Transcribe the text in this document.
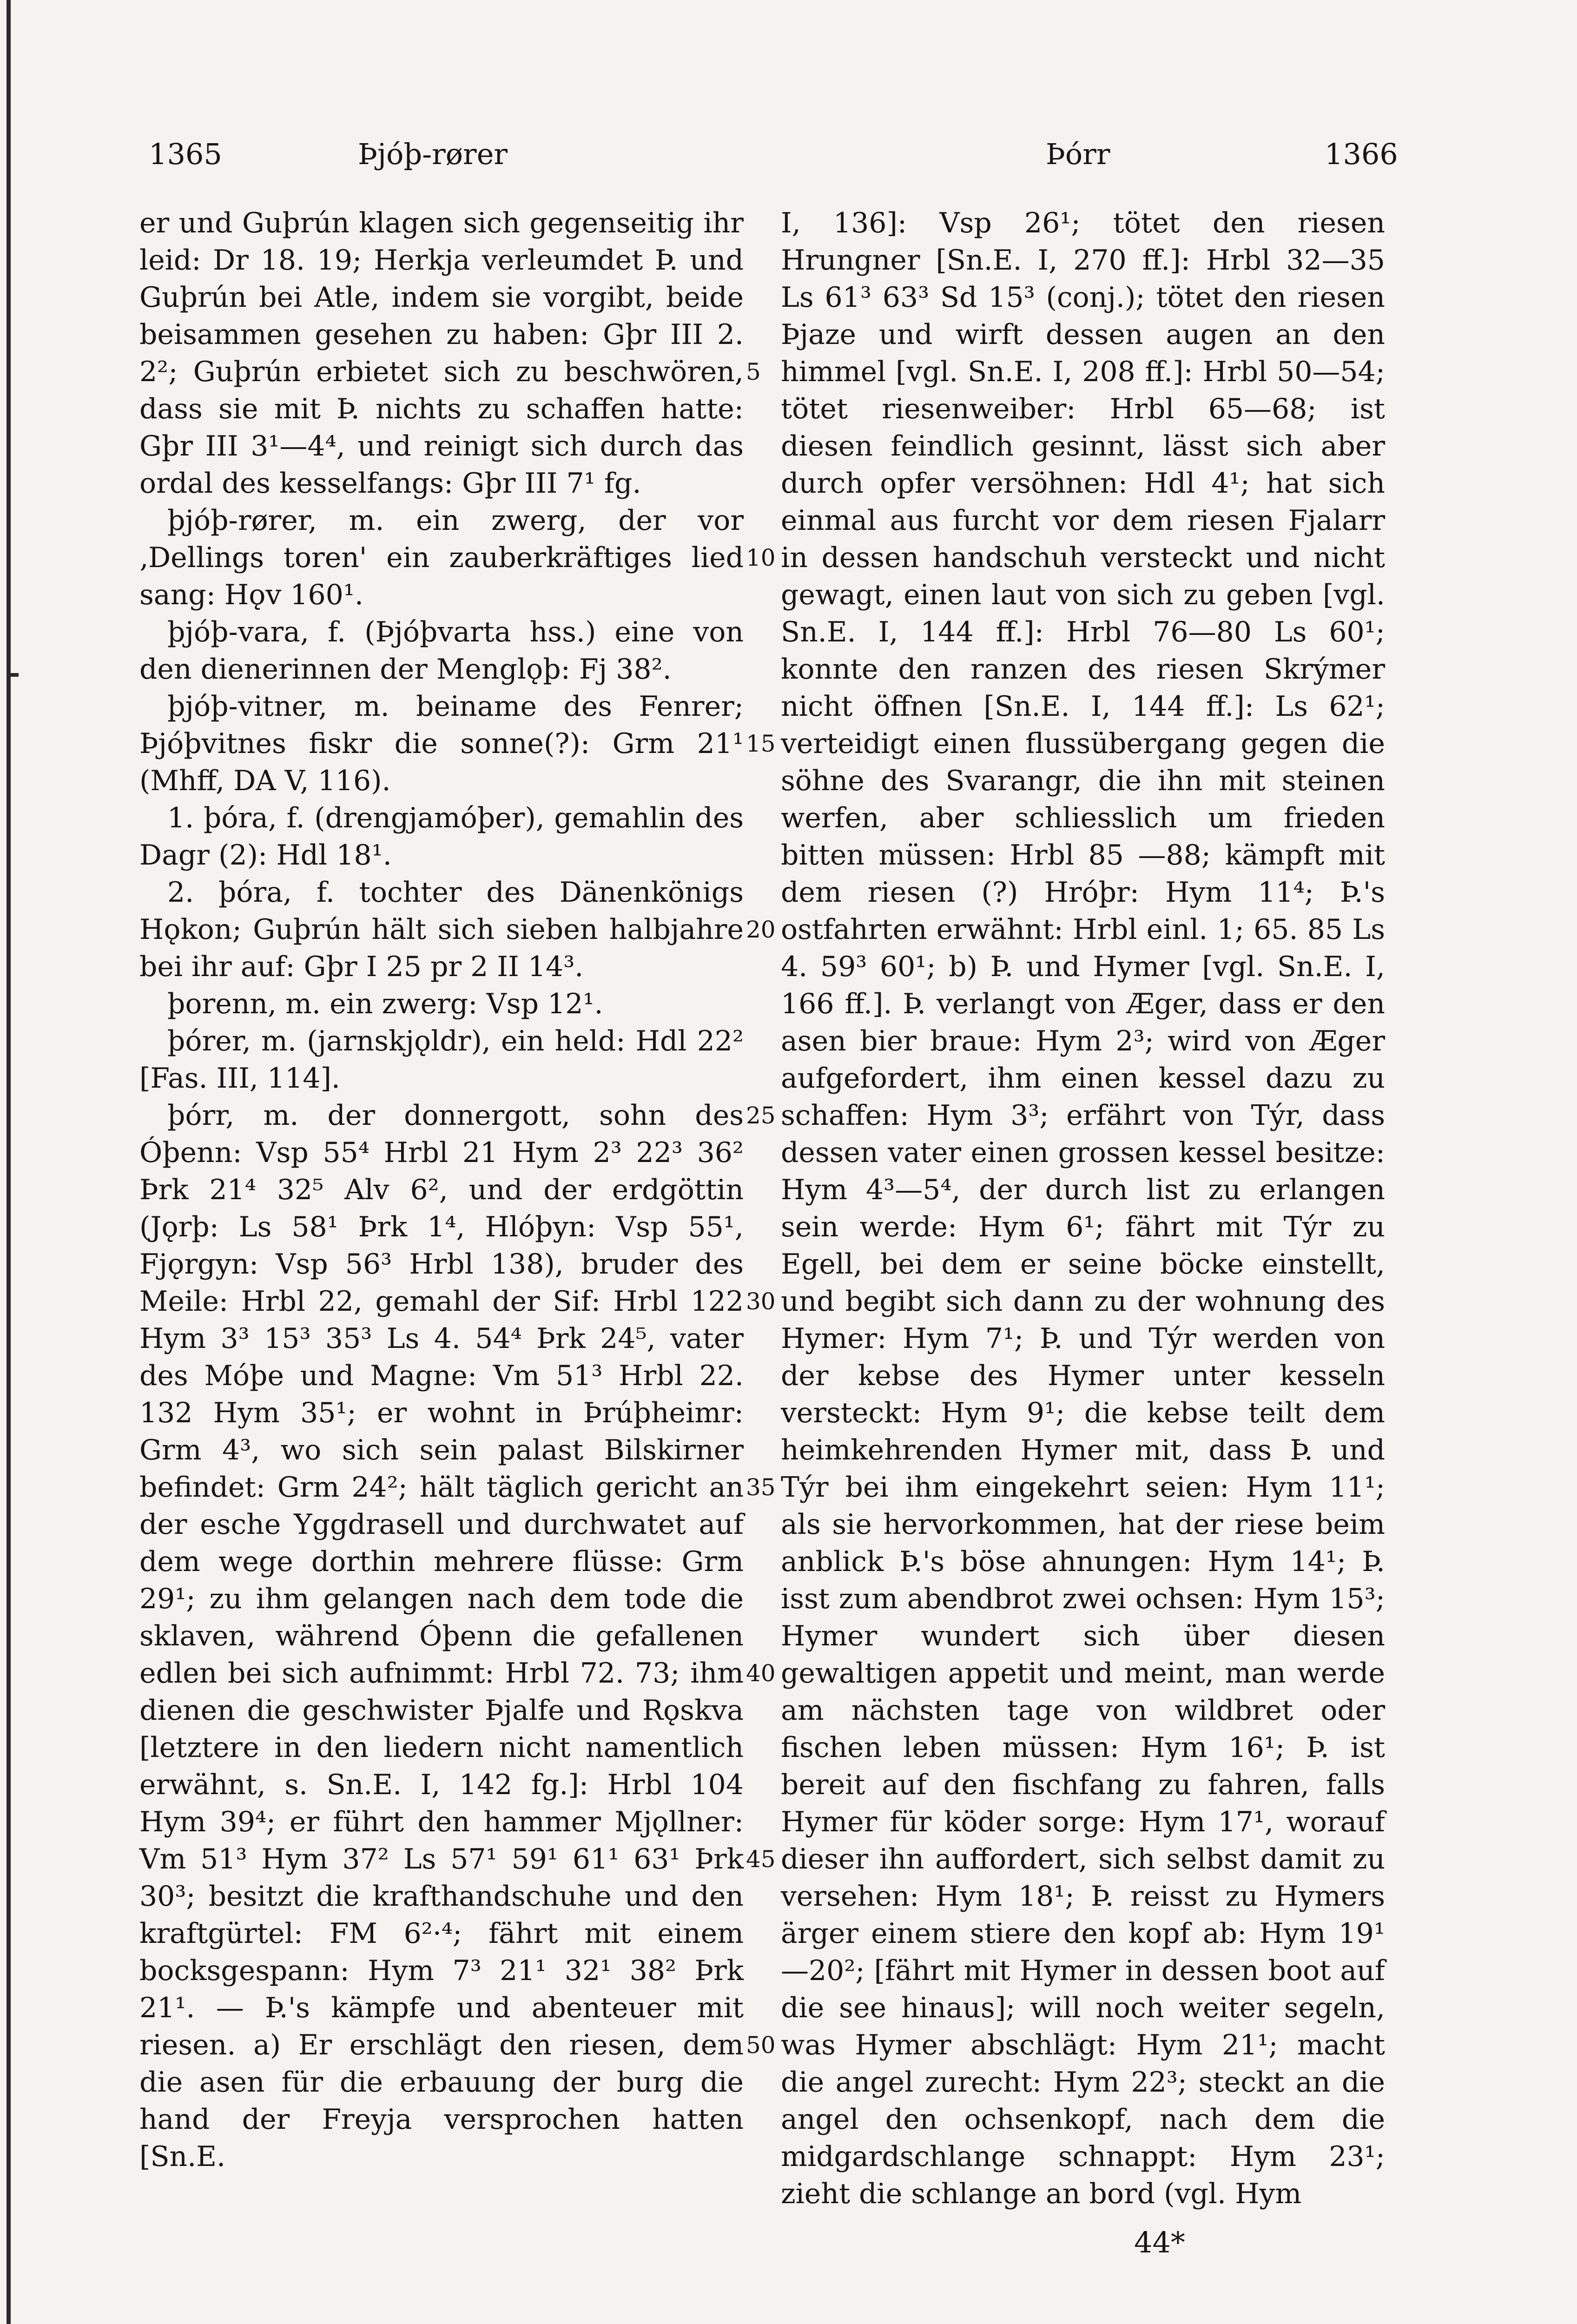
1365	Þjóþ-rører	Þórr	1366

er und Guþrún klagen sich gegenseitig ihr leid: Dr 18. 19; Herkja verleumdet Þ. und Guþrún bei Atle, indem sie vorgibt, beide beisammen gesehen zu haben: Gþr III 2. 2²; Guþrún erbietet sich zu beschwören, dass sie mit Þ. nichts zu schaffen hatte: Gþr III 3¹—4⁴, und reinigt sich durch das ordal des kesselfangs: Gþr III 7¹ fg.

þjóþ-rører, m. ein zwerg, der vor ‚Dellings toren' ein zauberkräftiges lied sang: Hǫv 160¹.

þjóþ-vara, f. (Þjóþvarta hss.) eine von den dienerinnen der Menglǫþ: Fj 38².

þjóþ-vitner, m. beiname des Fenrer; Þjóþvitnes fiskr die sonne(?): Grm 21¹ (Mhff, DA V, 116).

1. þóra, f. (drengjamóþer), gemahlin des Dagr (2): Hdl 18¹.

2. þóra, f. tochter des Dänenkönigs Hǫkon; Guþrún hält sich sieben halbjahre bei ihr auf: Gþr I 25 pr 2 II 14³.

þorenn, m. ein zwerg: Vsp 12¹.

þórer, m. (jarnskjǫldr), ein held: Hdl 22² [Fas. III, 114].

þórr, m. der donnergott, sohn des Óþenn: Vsp 55⁴ Hrbl 21 Hym 2³ 22³ 36² Þrk 21⁴ 32⁵ Alv 6², und der erdgöttin (Jǫrþ: Ls 58¹ Þrk 1⁴, Hlóþyn: Vsp 55¹, Fjǫrgyn: Vsp 56³ Hrbl 138), bruder des Meile: Hrbl 22, gemahl der Sif: Hrbl 122 Hym 3³ 15³ 35³ Ls 4. 54⁴ Þrk 24⁵, vater des Móþe und Magne: Vm 51³ Hrbl 22. 132 Hym 35¹; er wohnt in Þrúþheimr: Grm 4³, wo sich sein palast Bilskirner befindet: Grm 24²; hält täglich gericht an der esche Yggdrasell und durchwatet auf dem wege dorthin mehrere flüsse: Grm 29¹; zu ihm gelangen nach dem tode die sklaven, während Óþenn die gefallenen edlen bei sich aufnimmt: Hrbl 72. 73; ihm dienen die geschwister Þjalfe und Rǫskva [letztere in den liedern nicht namentlich erwähnt, s. Sn.E. I, 142 fg.]: Hrbl 104 Hym 39⁴; er führt den hammer Mjǫllner: Vm 51³ Hym 37² Ls 57¹ 59¹ 61¹ 63¹ Þrk 30³; besitzt die krafthandschuhe und den kraftgürtel: FM 6²·⁴; fährt mit einem bocksgespann: Hym 7³ 21¹ 32¹ 38² Þrk 21¹. — Þ.'s kämpfe und abenteuer mit riesen. a) Er erschlägt den riesen, dem die asen für die erbauung der burg die hand der Freyja versprochen hatten [Sn.E.

5
10
15
20
25
30
35
40
45
50

I, 136]: Vsp 26¹; tötet den riesen Hrungner [Sn.E. I, 270 ff.]: Hrbl 32—35 Ls 61³ 63³ Sd 15³ (conj.); tötet den riesen Þjaze und wirft dessen augen an den himmel [vgl. Sn.E. I, 208 ff.]: Hrbl 50—54; tötet riesenweiber: Hrbl 65—68; ist diesen feindlich gesinnt, lässt sich aber durch opfer versöhnen: Hdl 4¹; hat sich einmal aus furcht vor dem riesen Fjalarr in dessen handschuh versteckt und nicht gewagt, einen laut von sich zu geben [vgl. Sn.E. I, 144 ff.]: Hrbl 76—80 Ls 60¹; konnte den ranzen des riesen Skrýmer nicht öffnen [Sn.E. I, 144 ff.]: Ls 62¹; verteidigt einen flussübergang gegen die söhne des Svarangr, die ihn mit steinen werfen, aber schliesslich um frieden bitten müssen: Hrbl 85 —88; kämpft mit dem riesen (?) Hróþr: Hym 11⁴; Þ.'s ostfahrten erwähnt: Hrbl einl. 1; 65. 85 Ls 4. 59³ 60¹; b) Þ. und Hymer [vgl. Sn.E. I, 166 ff.]. Þ. verlangt von Æger, dass er den asen bier braue: Hym 2³; wird von Æger aufgefordert, ihm einen kessel dazu zu schaffen: Hym 3³; erfährt von Týr, dass dessen vater einen grossen kessel besitze: Hym 4³—5⁴, der durch list zu erlangen sein werde: Hym 6¹; fährt mit Týr zu Egell, bei dem er seine böcke einstellt, und begibt sich dann zu der wohnung des Hymer: Hym 7¹; Þ. und Týr werden von der kebse des Hymer unter kesseln versteckt: Hym 9¹; die kebse teilt dem heimkehrenden Hymer mit, dass Þ. und Týr bei ihm eingekehrt seien: Hym 11¹; als sie hervorkommen, hat der riese beim anblick Þ.'s böse ahnungen: Hym 14¹; Þ. isst zum abendbrot zwei ochsen: Hym 15³; Hymer wundert sich über diesen gewaltigen appetit und meint, man werde am nächsten tage von wildbret oder fischen leben müssen: Hym 16¹; Þ. ist bereit auf den fischfang zu fahren, falls Hymer für köder sorge: Hym 17¹, worauf dieser ihn auffordert, sich selbst damit zu versehen: Hym 18¹; Þ. reisst zu Hymers ärger einem stiere den kopf ab: Hym 19¹ —20²; [fährt mit Hymer in dessen boot auf die see hinaus]; will noch weiter segeln, was Hymer abschlägt: Hym 21¹; macht die angel zurecht: Hym 22³; steckt an die angel den ochsenkopf, nach dem die midgardschlange schnappt: Hym 23¹; zieht die schlange an bord (vgl. Hym

44*
